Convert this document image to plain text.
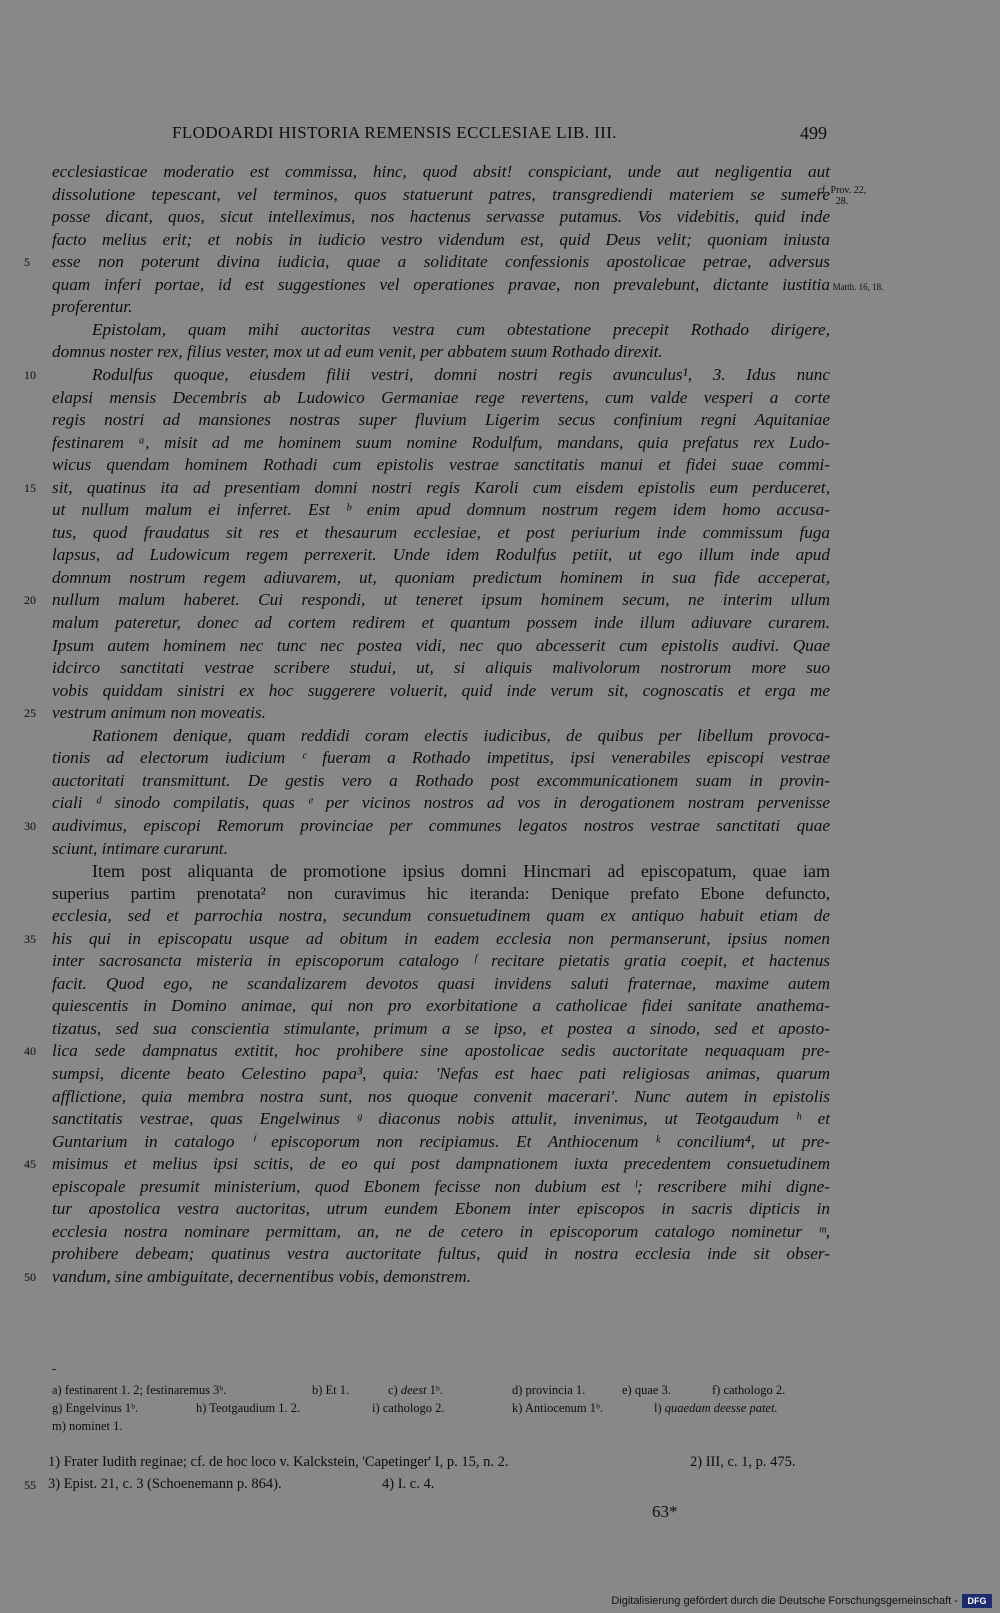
FLODOARDI HISTORIA REMENSIS ECCLESIAE LIB. III.	499
ecclesiasticae moderatio est commissa, hinc, quod absit! conspiciant, unde aut negligentia aut
dissolutione tepescant, vel terminos, quos statuerunt patres, transgrediendi materiem se sumere
posse dicant, quos, sicut intelleximus, nos hactenus servasse putamus. Vos videbitis, quid inde
facto melius erit; et nobis in iudicio vestro videndum est, quid Deus velit; quoniam iniusta
esse non poterunt divina iudicia, quae a soliditate confessionis apostolicae petrae, adversus
quam inferi portae, id est suggestiones vel operationes pravae, non prevalebunt, dictante iustitia
proferentur.
Epistolam, quam mihi auctoritas vestra cum obtestatione precepit Rothado dirigere,
domnus noster rex, filius vester, mox ut ad eum venit, per abbatem suum Rothado direxit.
Rodulfus quoque, eiusdem filii vestri, domni nostri regis avunculus¹, 3. Idus nunc
elapsi mensis Decembris ab Ludowico Germaniae rege revertens, cum valde vesperi a corte
regis nostri ad mansiones nostras super fluvium Ligerim secus confinium regni Aquitaniae
festinarem ᵃ, misit ad me hominem suum nomine Rodulfum, mandans, quia prefatus rex Ludo-
wicus quendam hominem Rothadi cum epistolis vestrae sanctitatis manui et fidei suae commi-
sit, quatinus ita ad presentiam domni nostri regis Karoli cum eisdem epistolis eum perduceret,
ut nullum malum ei inferret. Est ᵇ enim apud domnum nostrum regem idem homo accusa-
tus, quod fraudatus sit res et thesaurum ecclesiae, et post periurium inde commissum fuga
lapsus, ad Ludowicum regem perrexerit. Unde idem Rodulfus petiit, ut ego illum inde apud
domnum nostrum regem adiuvarem, ut, quoniam predictum hominem in sua fide acceperat,
nullum malum haberet. Cui respondi, ut teneret ipsum hominem secum, ne interim ullum
malum pateretur, donec ad cortem redirem et quantum possem inde illum adiuvare curarem.
Ipsum autem hominem nec tunc nec postea vidi, nec quo abcesserit cum epistolis audivi. Quae
idcirco sanctitati vestrae scribere studui, ut, si aliquis malivolorum nostrorum more suo
vobis quiddam sinistri ex hoc suggerere voluerit, quid inde verum sit, cognoscatis et erga me
vestrum animum non moveatis.
Rationem denique, quam reddidi coram electis iudicibus, de quibus per libellum provoca-
tionis ad electorum iudicium ᶜ fueram a Rothado impetitus, ipsi venerabiles episcopi vestrae
auctoritati transmittunt. De gestis vero a Rothado post excommunicationem suam in provin-
ciali ᵈ sinodo compilatis, quas ᵉ per vicinos nostros ad vos in derogationem nostram pervenisse
audivimus, episcopi Remorum provinciae per communes legatos nostros vestrae sanctitati quae
sciunt, intimare curarunt.
Item post aliquanta de promotione ipsius domni Hincmari ad episcopatum, quae iam
superius partim prenotata² non curavimus hic iteranda: Denique prefato Ebone defuncto,
ecclesia, sed et parrochia nostra, secundum consuetudinem quam ex antiquo habuit etiam de
his qui in episcopatu usque ad obitum in eadem ecclesia non permanserunt, ipsius nomen
inter sacrosancta misteria in episcoporum catalogo ᶠ recitare pietatis gratia coepit, et hactenus
facit. Quod ego, ne scandalizarem devotos quasi invidens saluti fraternae, maxime autem
quiescentis in Domino animae, qui non pro exorbitatione a catholicae fidei sanitate anathema-
tizatus, sed sua conscientia stimulante, primum a se ipso, et postea a sinodo, sed et aposto-
lica sede dampnatus extitit, hoc prohibere sine apostolicae sedis auctoritate nequaquam pre-
sumpsi, dicente beato Celestino papa³, quia: 'Nefas est haec pati religiosas animas, quarum
afflictione, quia membra nostra sunt, nos quoque convenit macerari'. Nunc autem in epistolis
sanctitatis vestrae, quas Engelwinus ᵍ diaconus nobis attulit, invenimus, ut Teotgaudum ʰ et
Guntarium in catalogo ⁱ episcoporum non recipiamus. Et Anthiocenum ᵏ concilium⁴, ut pre-
misimus et melius ipsi scitis, de eo qui post dampnationem iuxta precedentem consuetudinem
episcopale presumit ministerium, quod Ebonem fecisse non dubium est ˡ; rescribere mihi digne-
tur apostolica vestra auctoritas, utrum eundem Ebonem inter episcopos in sacris dipticis in
ecclesia nostra nominare permittam, an, ne de cetero in episcoporum catalogo nominetur ᵐ,
prohibere debeam; quatinus vestra auctoritate fultus, quid in nostra ecclesia inde sit obser-
vandum, sine ambiguitate, decernentibus vobis, demonstrem.
5
10
15
20
25
30
35
40
45
50
55
cf. Prov. 22, 28.
Matth. 16, 18.
a) festinarent 1. 2; festinaremus 3ᵇ.	b) Et 1.	c) deest 1ᵇ.	d) provincia 1.	e) quae 3.	f) cathologo 2.
g) Engelvinus 1ᵇ.	h) Teotgaudium 1. 2.	i) cathologo 2.	k) Antiocenum 1ᵇ.	l) quaedam deesse patet.
m) nominet 1.
1) Frater Iudith reginae; cf. de hoc loco v. Kalckstein, 'Capetinger' I, p. 15, n. 2.	2) III, c. 1, p. 475.
3) Epist. 21, c. 3 (Schoenemann p. 864).	4) I. c. 4.
63*
Digitalisierung gefördert durch die Deutsche Forschungsgemeinschaft -	DFG
